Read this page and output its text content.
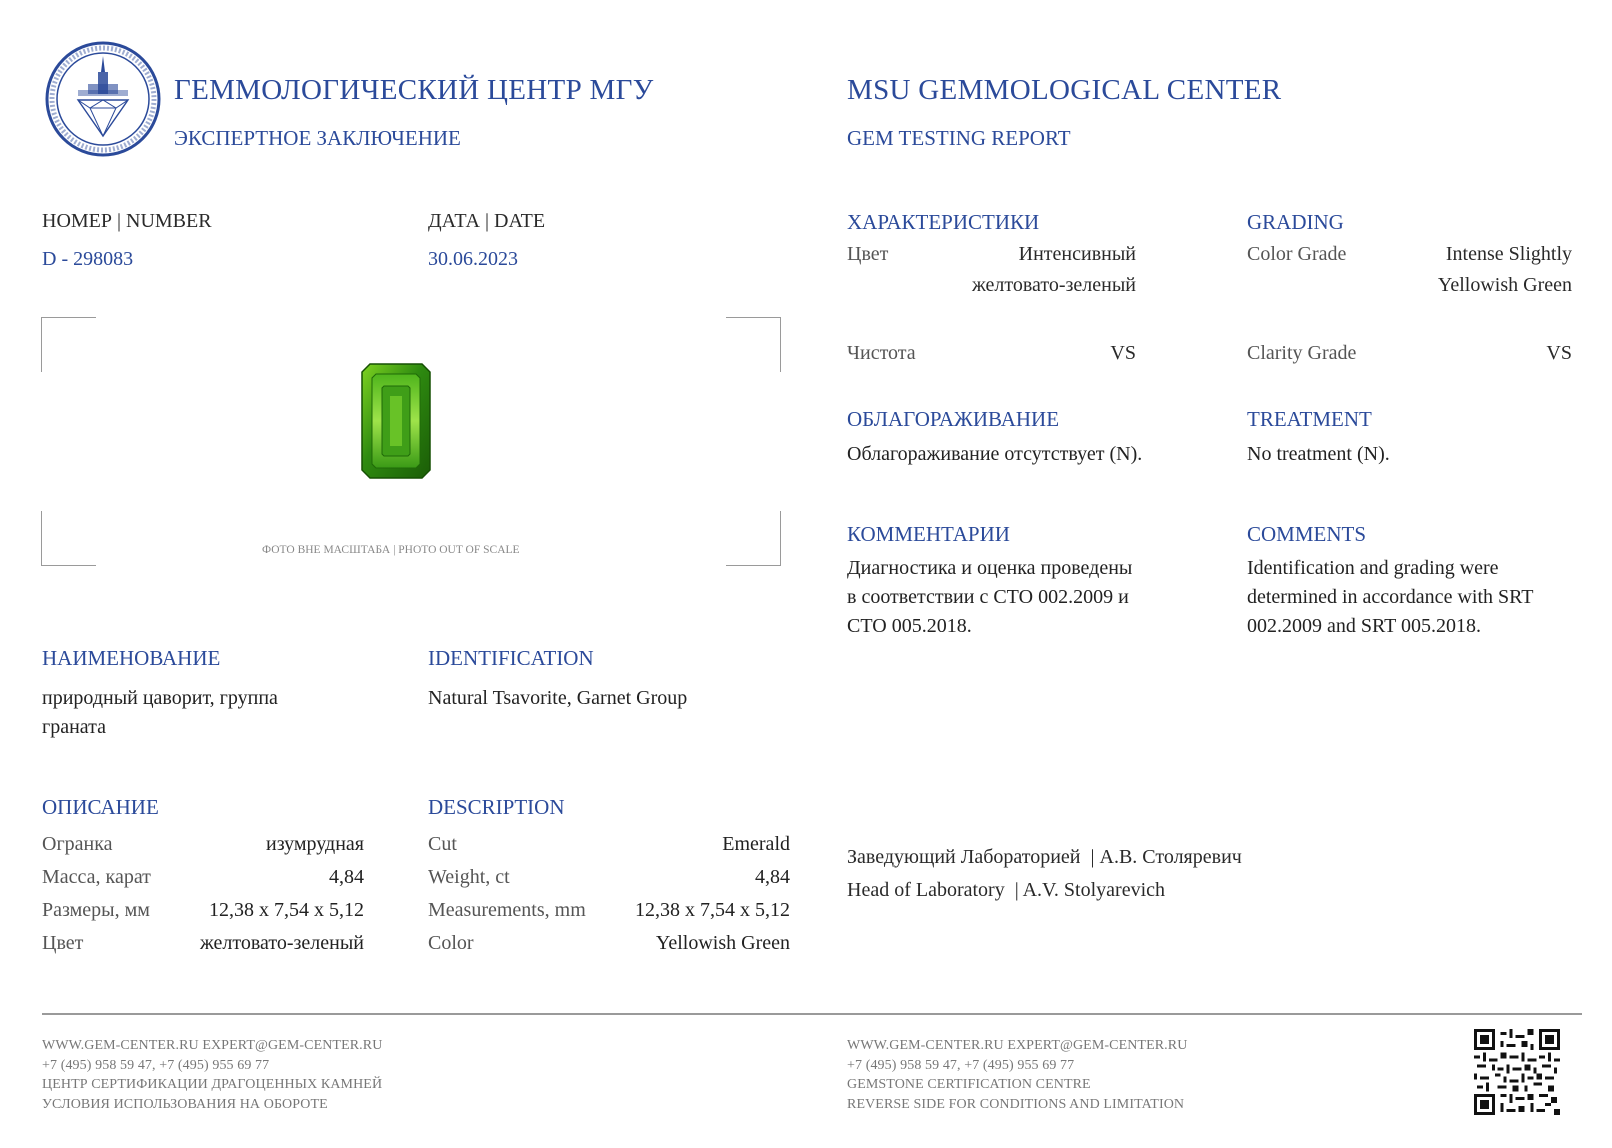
ГЕММОЛОГИЧЕСКИЙ ЦЕНТР МГУ
ЭКСПЕРТНОЕ ЗАКЛЮЧЕНИЕ
MSU GEMMOLOGICAL CENTER
GEM TESTING REPORT
НОМЕР | NUMBER
D - 298083
ДАТА | DATE
30.06.2023
ФОТО ВНЕ МАСШТАБА | PHOTO OUT OF SCALE
НАИМЕНОВАНИЕ
природный цаворит, группа граната
IDENTIFICATION
Natural Tsavorite, Garnet Group
ОПИСАНИЕ	DESCRIPTION
Огранка	изумрудная
Масса, карат	4,84
Размеры, мм	12,38 x 7,54 x 5,12
Цвет	желтовато-зеленый
Cut	Emerald
Weight, ct	4,84
Measurements, mm 12,38 x 7,54 x 5,12
Color	Yellowish Green
ХАРАКТЕРИСТИКИ	GRADING
Цвет	Интенсивный
желтовато-зеленый
Color Grade	Intense Slightly
Yellowish Green
Чистота	VS	Clarity Grade	VS
ОБЛАГОРАЖИВАНИЕ
Облагораживание отсутствует (N).
TREATMENT
No treatment (N).
КОММЕНТАРИИ
Диагностика и оценка проведены в соответствии с СТО 002.2009 и СТО 005.2018.
COMMENTS
Identification and grading were determined in accordance with SRT 002.2009 and SRT 005.2018.
Заведующий Лабораторией  | А.В. Столяревич
Head of Laboratory  | A.V. Stolyarevich
WWW.GEM-CENTER.RU EXPERT@GEM-CENTER.RU
+7 (495) 958 59 47, +7 (495) 955 69 77
ЦЕНТР СЕРТИФИКАЦИИ ДРАГОЦЕННЫХ КАМНЕЙ
УСЛОВИЯ ИСПОЛЬЗОВАНИЯ НА ОБОРОТЕ
WWW.GEM-CENTER.RU EXPERT@GEM-CENTER.RU
+7 (495) 958 59 47, +7 (495) 955 69 77
GEMSTONE CERTIFICATION CENTRE
REVERSE SIDE FOR CONDITIONS AND LIMITATION
